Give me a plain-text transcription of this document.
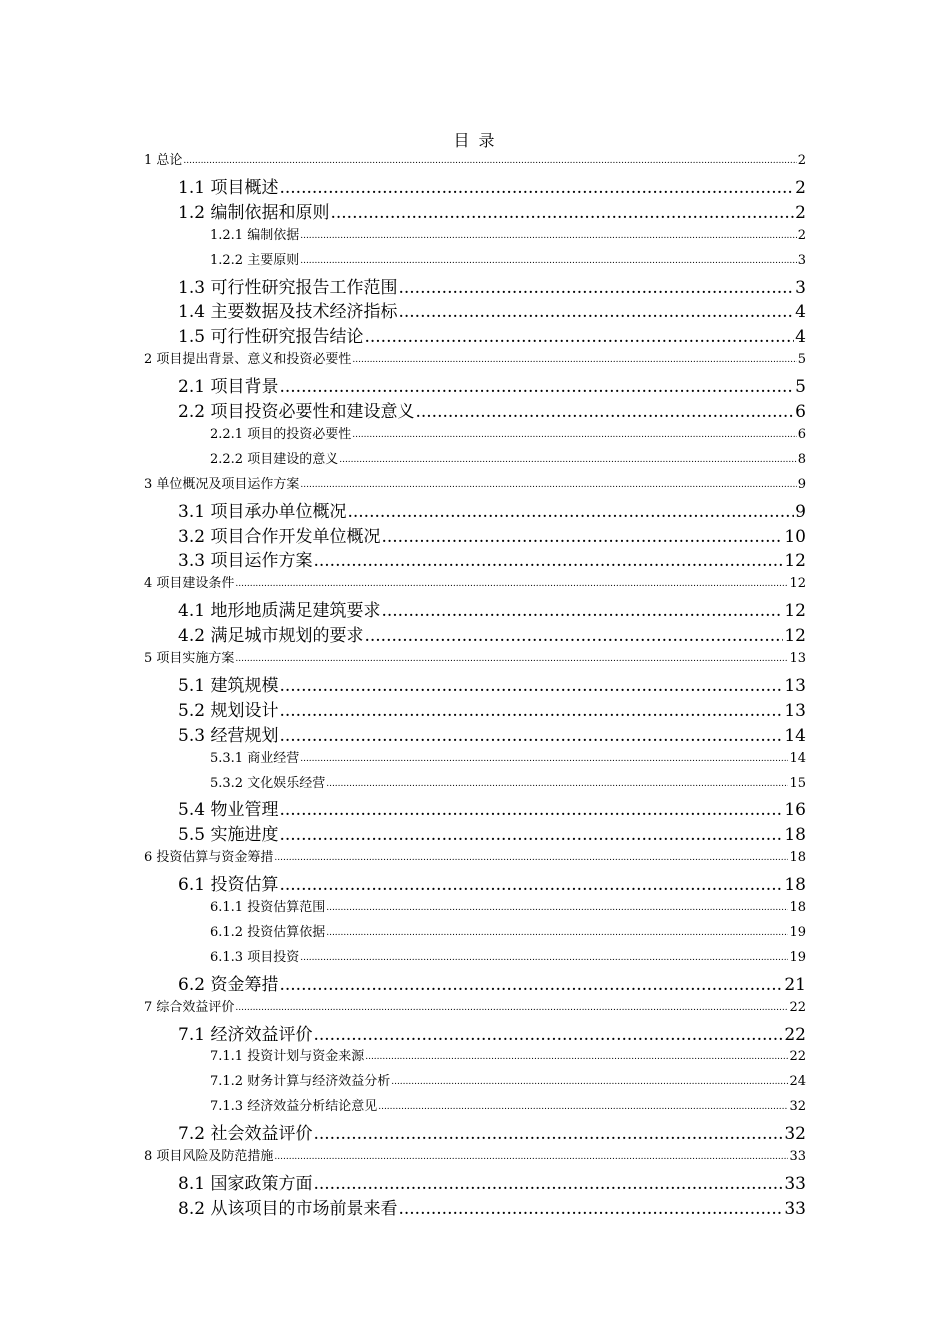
目 录
1 总论 .....	2
1.1 项目概述 .....	2
1.2 编制依据和原则 .....	2
1.2.1 编制依据 .....	2
1.2.2 主要原则 .....	3
1.3 可行性研究报告工作范围 .....	3
1.4 主要数据及技术经济指标 .....	4
1.5 可行性研究报告结论 .....	4
2 项目提出背景、意义和投资必要性 .....	5
2.1 项目背景 .....	5
2.2 项目投资必要性和建设意义 .....	6
2.2.1 项目的投资必要性 .....	6
2.2.2 项目建设的意义 .....	8
3 单位概况及项目运作方案 .....	9
3.1 项目承办单位概况 .....	9
3.2 项目合作开发单位概况 .....	10
3.3 项目运作方案 .....	12
4 项目建设条件 .....	12
4.1 地形地质满足建筑要求 .....	12
4.2 满足城市规划的要求 .....	12
5 项目实施方案 .....	13
5.1 建筑规模 .....	13
5.2 规划设计 .....	13
5.3 经营规划 .....	14
5.3.1 商业经营 .....	14
5.3.2 文化娱乐经营 .....	15
5.4 物业管理 .....	16
5.5 实施进度 .....	18
6 投资估算与资金筹措 .....	18
6.1 投资估算 .....	18
6.1.1 投资估算范围 .....	18
6.1.2 投资估算依据 .....	19
6.1.3 项目投资 .....	19
6.2 资金筹措 .....	21
7 综合效益评价 .....	22
7.1 经济效益评价 .....	22
7.1.1 投资计划与资金来源 .....	22
7.1.2 财务计算与经济效益分析 .....	24
7.1.3 经济效益分析结论意见 .....	32
7.2 社会效益评价 .....	32
8 项目风险及防范措施 .....	33
8.1 国家政策方面 .....	33
8.2 从该项目的市场前景来看 .....	33
